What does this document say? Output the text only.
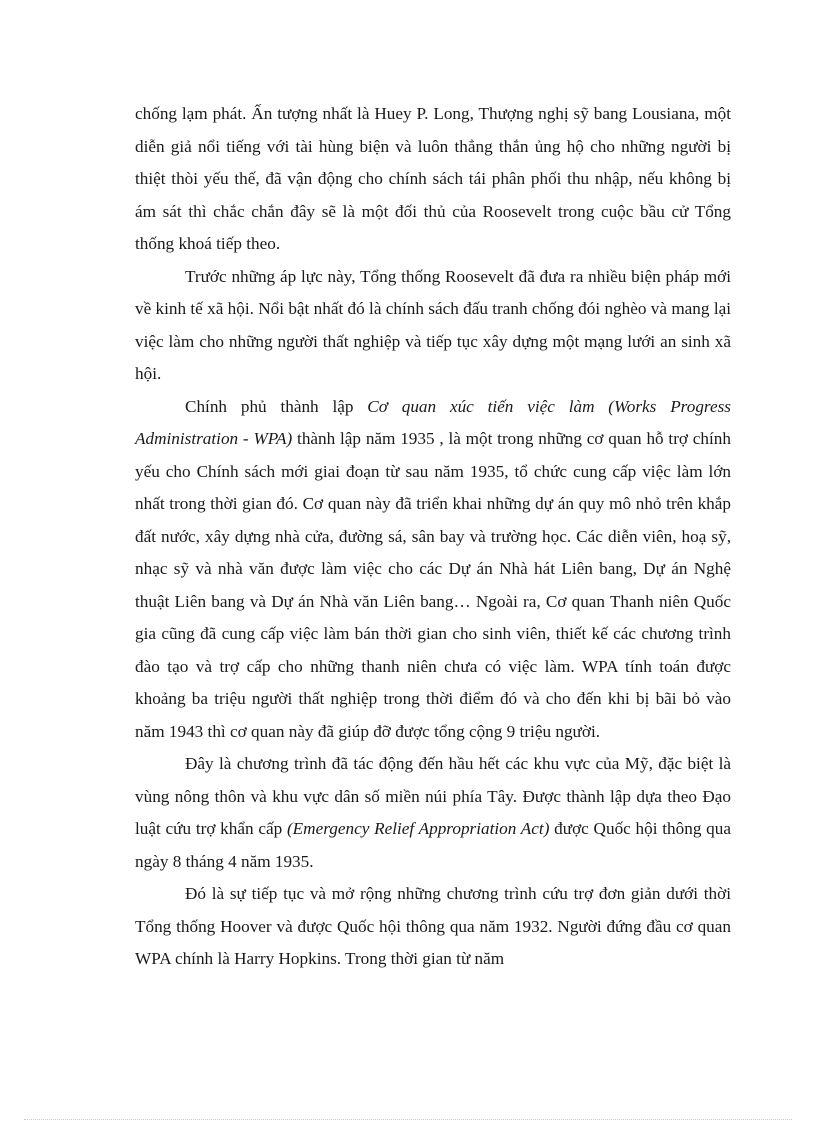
chống lạm phát. Ấn tượng nhất là Huey P. Long, Thượng nghị sỹ bang Lousiana, một diễn giả nổi tiếng với tài hùng biện và luôn thẳng thắn ủng hộ cho những người bị thiệt thòi yếu thế, đã vận động cho chính sách tái phân phối thu nhập, nếu không bị ám sát thì chắc chắn đây sẽ là một đối thủ của Roosevelt trong cuộc bầu cử Tổng thống khoá tiếp theo.

Trước những áp lực này, Tổng thống Roosevelt đã đưa ra nhiều biện pháp mới về kinh tế xã hội. Nổi bật nhất đó là chính sách đấu tranh chống đói nghèo và mang lại việc làm cho những người thất nghiệp và tiếp tục xây dựng một mạng lưới an sinh xã hội.

Chính phủ thành lập Cơ quan xúc tiến việc làm (Works Progress Administration - WPA) thành lập năm 1935 , là một trong những cơ quan hỗ trợ chính yếu cho Chính sách mới giai đoạn từ sau năm 1935, tổ chức cung cấp việc làm lớn nhất trong thời gian đó. Cơ quan này đã triển khai những dự án quy mô nhỏ trên khắp đất nước, xây dựng nhà cửa, đường sá, sân bay và trường học. Các diễn viên, hoạ sỹ, nhạc sỹ và nhà văn được làm việc cho các Dự án Nhà hát Liên bang, Dự án Nghệ thuật Liên bang và Dự án Nhà văn Liên bang… Ngoài ra, Cơ quan Thanh niên Quốc gia cũng đã cung cấp việc làm bán thời gian cho sinh viên, thiết kế các chương trình đào tạo và trợ cấp cho những thanh niên chưa có việc làm. WPA tính toán được khoảng ba triệu người thất nghiệp trong thời điểm đó và cho đến khi bị bãi bỏ vào năm 1943 thì cơ quan này đã giúp đỡ được tổng cộng 9 triệu người.

Đây là chương trình đã tác động đến hầu hết các khu vực của Mỹ, đặc biệt là vùng nông thôn và khu vực dân số miền núi phía Tây. Được thành lập dựa theo Đạo luật cứu trợ khẩn cấp (Emergency Relief Appropriation Act) được Quốc hội thông qua ngày 8 tháng 4 năm 1935.

Đó là sự tiếp tục và mở rộng những chương trình cứu trợ đơn giản dưới thời Tổng thống Hoover và được Quốc hội thông qua năm 1932. Người đứng đầu cơ quan WPA chính là Harry Hopkins. Trong thời gian từ năm
